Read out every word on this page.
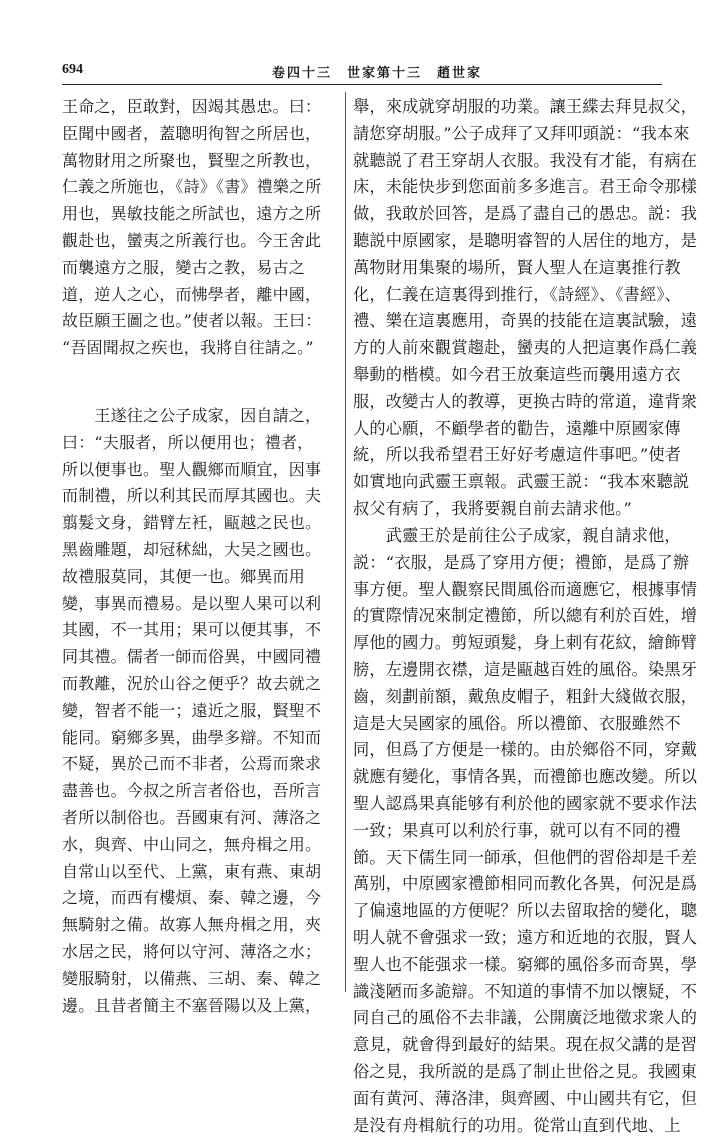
694	卷四十三　世家第十三　趙世家

王命之，臣敢對，因竭其愚忠。曰：
臣聞中國者，蓋聰明徇智之所居也，
萬物財用之所聚也，賢聖之所教也，
仁義之所施也，《詩》《書》禮樂之所
用也，異敏技能之所試也，遠方之所
觀赴也，蠻夷之所義行也。今王舍此
而襲遠方之服，變古之教，易古之
道，逆人之心，而怫學者，離中國，
故臣願王圖之也。”使者以報。王曰：
“吾固聞叔之疾也，我將自往請之。”

　　王遂往之公子成家，因自請之，
曰：“夫服者，所以便用也；禮者，
所以便事也。聖人觀鄉而順宜，因事
而制禮，所以利其民而厚其國也。夫
翦髮文身，錯臂左衽，甌越之民也。
黑齒雕題，却冠秫絀，大吴之國也。
故禮服莫同，其便一也。鄉異而用
變，事異而禮易。是以聖人果可以利
其國，不一其用；果可以便其事，不
同其禮。儒者一師而俗異，中國同禮
而教離，況於山谷之便乎？故去就之
變，智者不能一；遠近之服，賢聖不
能同。窮鄉多異，曲學多辯。不知而
不疑，異於己而不非者，公焉而衆求
盡善也。今叔之所言者俗也，吾所言
者所以制俗也。吾國東有河、薄洛之
水，與齊、中山同之，無舟楫之用。
自常山以至代、上黨，東有燕、東胡
之境，而西有樓煩、秦、韓之邊，今
無騎射之備。故寡人無舟楫之用，夾
水居之民，將何以守河、薄洛之水；
變服騎射，以備燕、三胡、秦、韓之
邊。且昔者簡主不塞晉陽以及上黨，

舉，來成就穿胡服的功業。讓王緤去拜見叔父，
請您穿胡服。”公子成拜了又拜叩頭説：“我本來
就聽説了君王穿胡人衣服。我没有才能，有病在
床，未能快步到您面前多多進言。君王命令那樣
做，我敢於回答，是爲了盡自己的愚忠。説：我
聽説中原國家，是聰明睿智的人居住的地方，是
萬物財用集聚的場所，賢人聖人在這裏推行教
化，仁義在這裏得到推行，《詩經》、《書經》、
禮、樂在這裏應用，奇異的技能在這裏試驗，遠
方的人前來觀賞趨赴，蠻夷的人把這裏作爲仁義
舉動的楷模。如今君王放棄這些而襲用遠方衣
服，改變古人的教導，更换古時的常道，違背衆
人的心願，不顧學者的勸告，遠離中原國家傳
統，所以我希望君王好好考慮這件事吧。”使者
如實地向武靈王禀報。武靈王説：“我本來聽説
叔父有病了，我將要親自前去請求他。”

　　武靈王於是前往公子成家，親自請求他，
説：“衣服，是爲了穿用方便；禮節，是爲了辦
事方便。聖人觀察民間風俗而適應它，根據事情
的實際情况來制定禮節，所以總有利於百姓，增
厚他的國力。剪短頭髮，身上刺有花紋，繪飾臂
膀，左邊開衣襟，這是甌越百姓的風俗。染黑牙
齒，刻劃前額，戴魚皮帽子，粗針大綫做衣服，
這是大吴國家的風俗。所以禮節、衣服雖然不
同，但爲了方便是一樣的。由於鄉俗不同，穿戴
就應有變化，事情各異，而禮節也應改變。所以
聖人認爲果真能够有利於他的國家就不要求作法
一致；果真可以利於行事，就可以有不同的禮
節。天下儒生同一師承，但他們的習俗却是千差
萬别，中原國家禮節相同而教化各異，何況是爲
了偏遠地區的方便呢？所以去留取捨的變化，聰
明人就不會强求一致；遠方和近地的衣服，賢人
聖人也不能强求一樣。窮鄉的風俗多而奇異，學
識淺陋而多詭辯。不知道的事情不加以懷疑，不
同自己的風俗不去非議，公開廣泛地徵求衆人的
意見，就會得到最好的結果。現在叔父講的是習
俗之見，我所説的是爲了制止世俗之見。我國東
面有黄河、薄洛津，與齊國、中山國共有它，但
是没有舟楫航行的功用。從常山直到代地、上
